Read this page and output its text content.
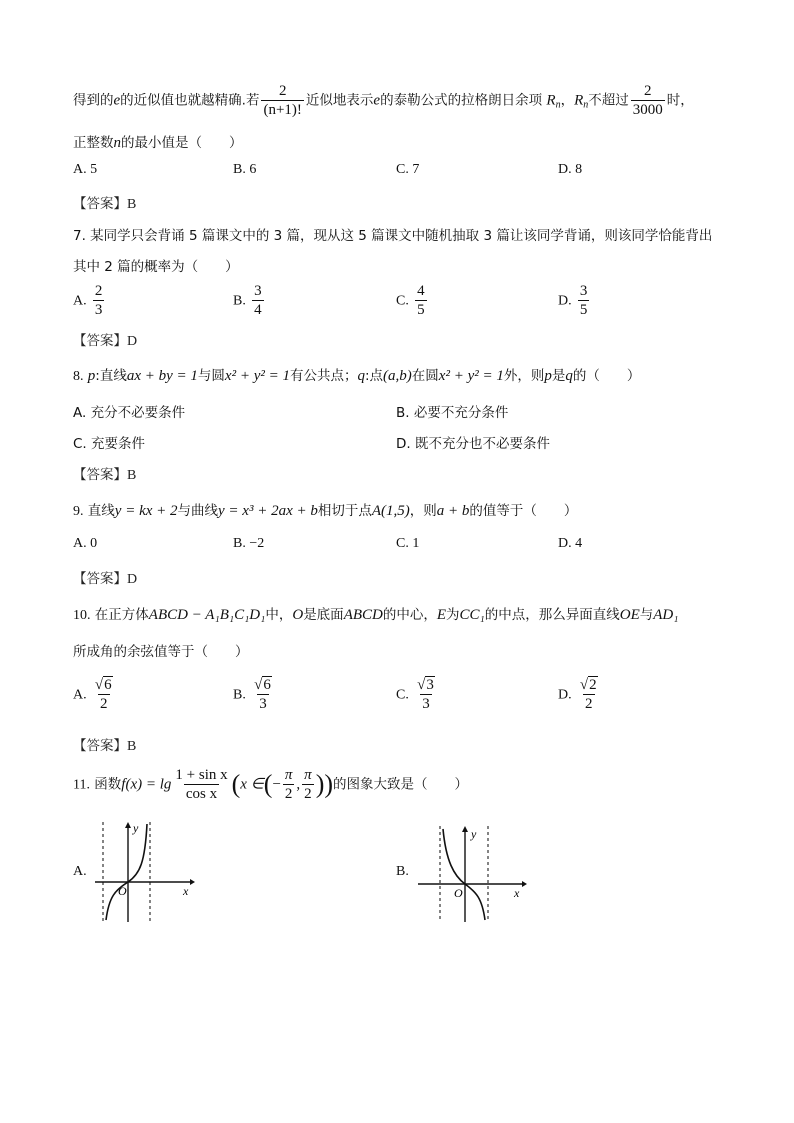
得到的e的近似值也就越精确.若 $\frac{2}{(n+1)!}$ 近似地表示e的泰勒公式的拉格朗日余项 $R_n$，$R_n$不超过 $\frac{2}{3000}$ 时，
正整数n的最小值是（　　）
A. 5	B. 6	C. 7	D. 8
【答案】B
7. 某同学只会背诵 5 篇课文中的 3 篇，现从这 5 篇课文中随机抽取 3 篇让该同学背诵，则该同学恰能背出
其中 2 篇的概率为（　　）
A. $\frac{2}{3}$	B. $\frac{3}{4}$	C. $\frac{4}{5}$	D. $\frac{3}{5}$
【答案】D
8. p:直线ax + by = 1与圆x² + y² = 1有公共点；q:点(a,b)在圆x² + y² = 1外，则p是q的（　　）
A. 充分不必要条件	B. 必要不充分条件
C. 充要条件	D. 既不充分也不必要条件
【答案】B
9. 直线y = kx + 2与曲线y = x³ + 2ax + b相切于点A(1,5)，则a + b的值等于（　　）
A. 0	B. −2	C. 1	D. 4
【答案】D
10. 在正方体ABCD − A₁B₁C₁D₁中，O是底面ABCD的中心，E为CC₁的中点，那么异面直线OE与AD₁
所成角的余弦值等于（　　）
A. $\frac{√6}{2}$	B. $\frac{√6}{3}$	C. $\frac{√3}{3}$	D. $\frac{√2}{2}$
【答案】B
11. 函数$f(x) = \lg \frac{\text{1 + sin x}}{\text{cos x}} (x$ ∈(− $\frac{\pi}{2}$ , $\frac{\pi}{2}$ ))的图象大致是（　　）
A.
y
x
O
B.
y
x
O
